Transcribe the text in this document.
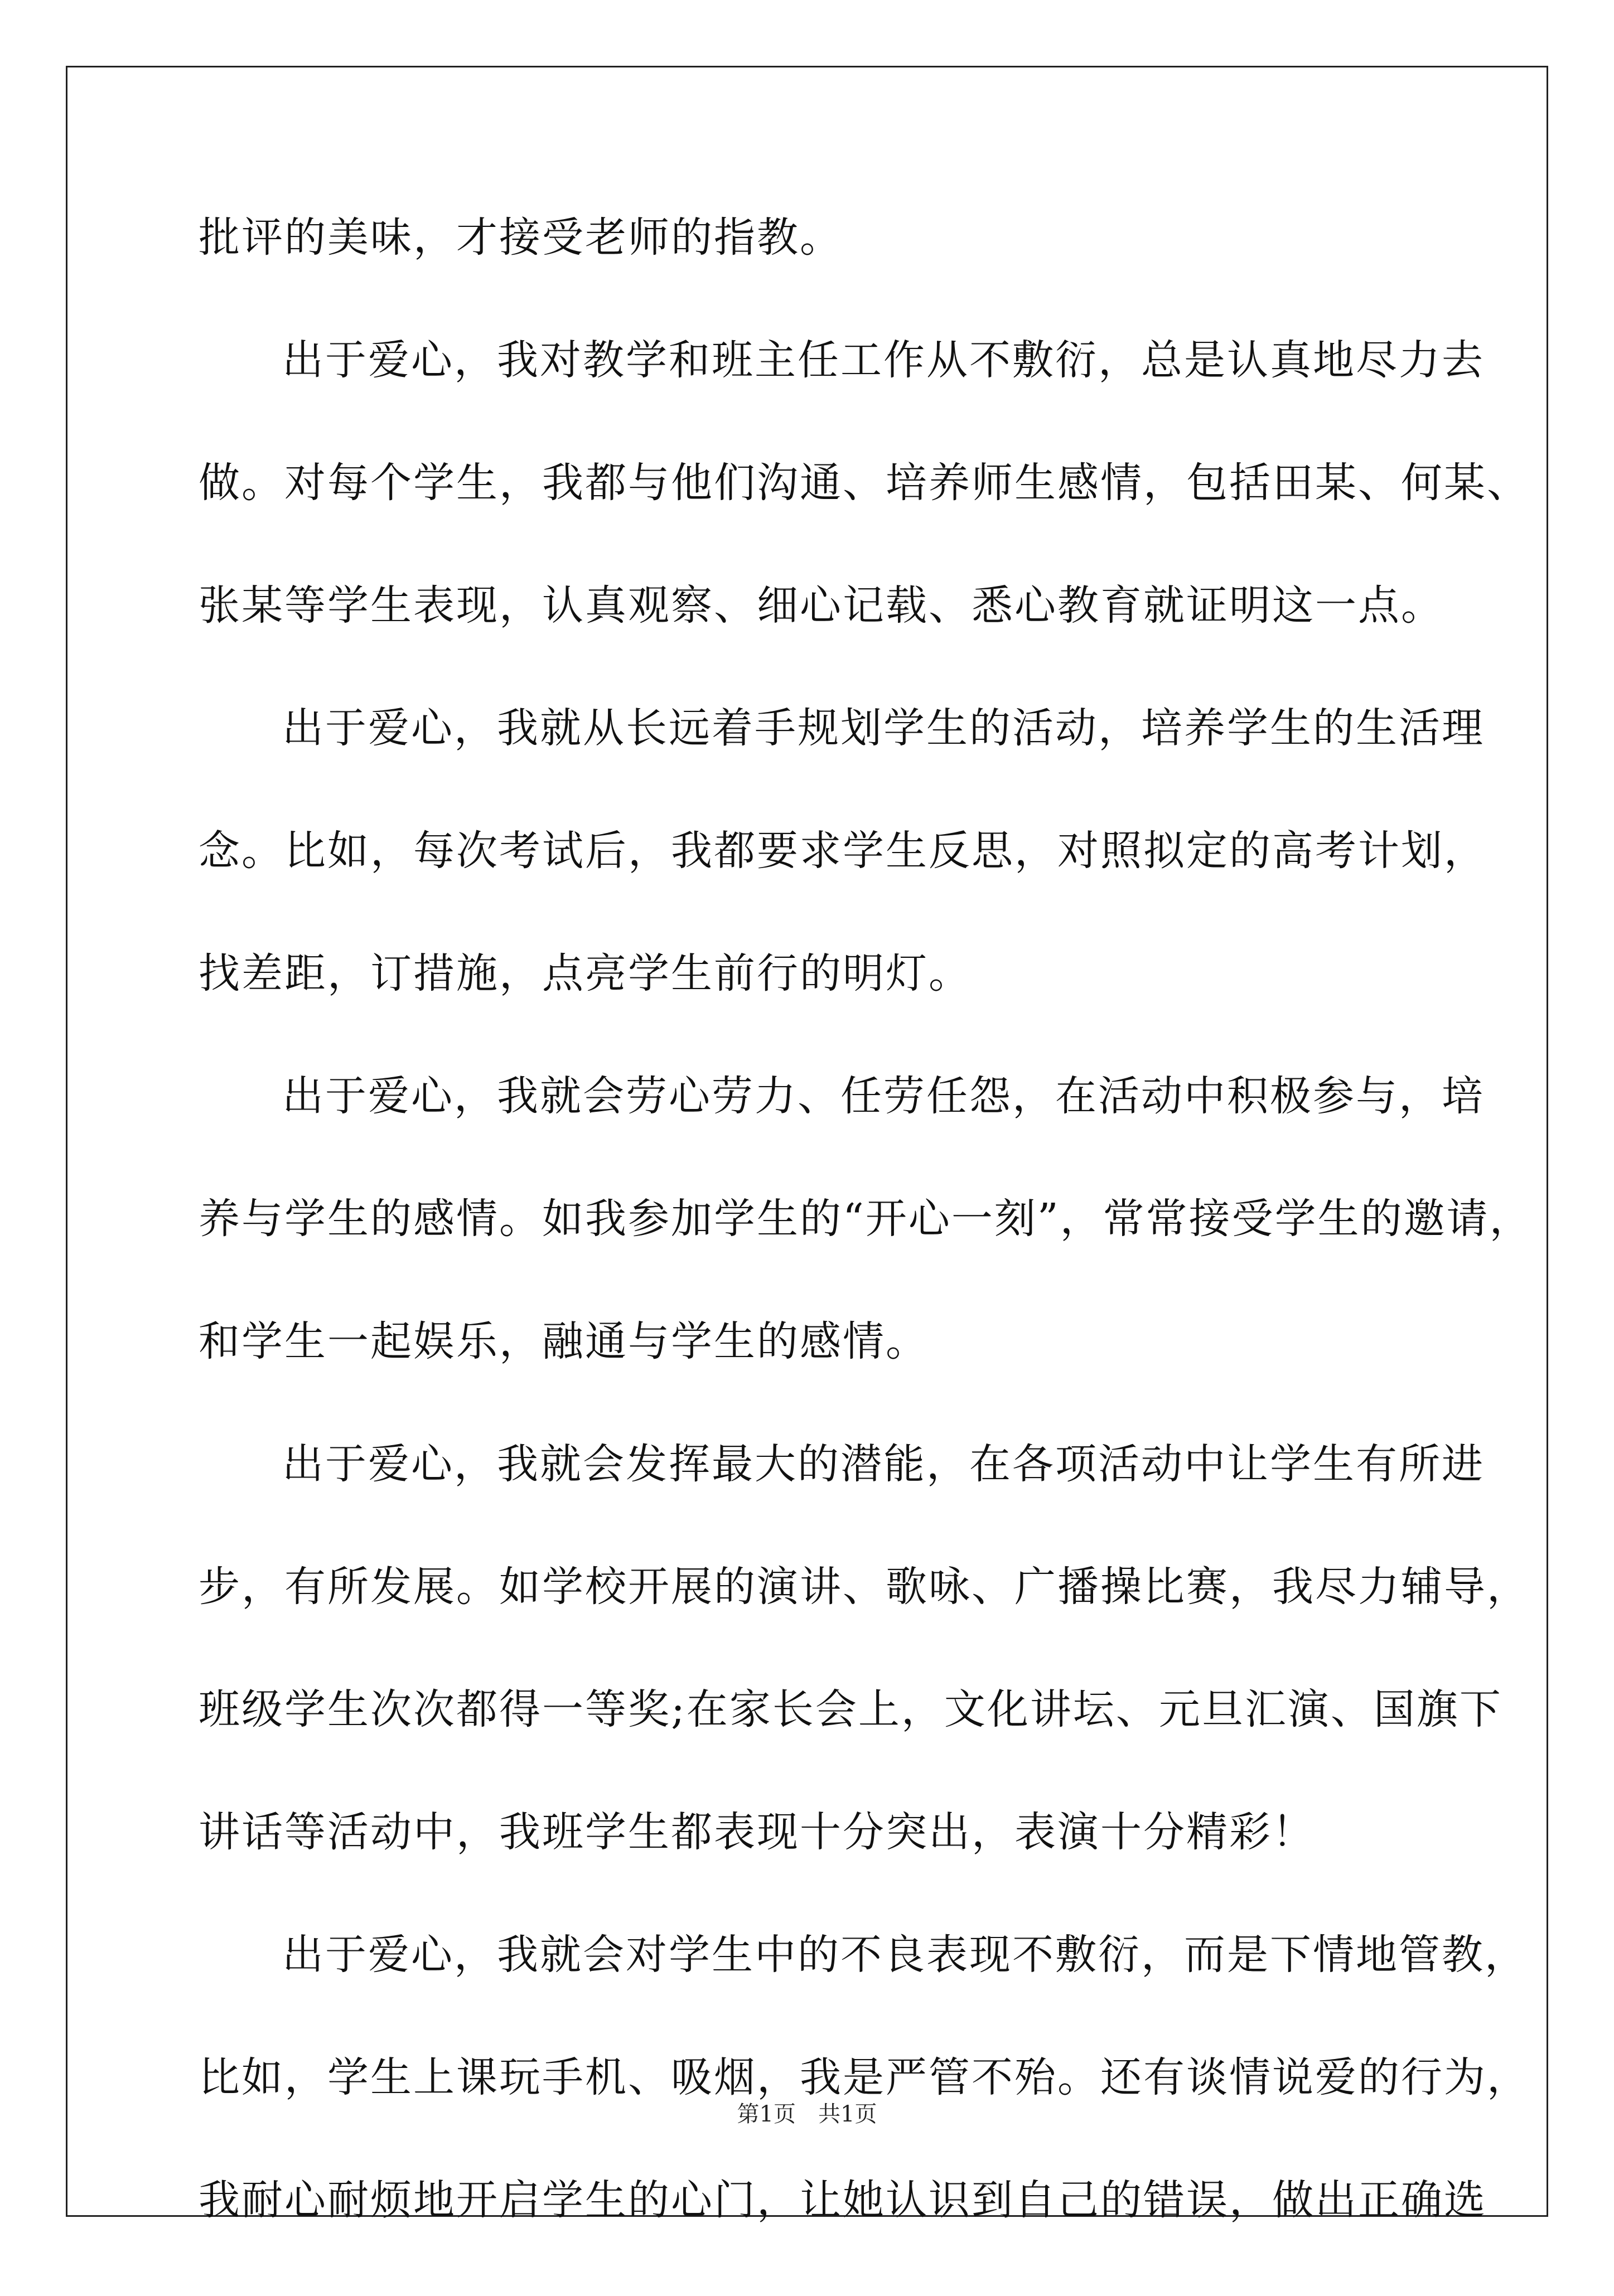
批评的美味，才接受老师的指教。
出于爱心，我对教学和班主任工作从不敷衍，总是认真地尽力去
做。对每个学生，我都与他们沟通、培养师生感情，包括田某、何某、
张某等学生表现，认真观察、细心记载、悉心教育就证明这一点。
出于爱心，我就从长远着手规划学生的活动，培养学生的生活理
念。比如，每次考试后，我都要求学生反思，对照拟定的高考计划，
找差距，订措施，点亮学生前行的明灯。
出于爱心，我就会劳心劳力、任劳任怨，在活动中积极参与，培
养与学生的感情。如我参加学生的“开心一刻”，常常接受学生的邀请，
和学生一起娱乐，融通与学生的感情。
出于爱心，我就会发挥最大的潜能，在各项活动中让学生有所进
步，有所发展。如学校开展的演讲、歌咏、广播操比赛，我尽力辅导，
班级学生次次都得一等奖;在家长会上，文化讲坛、元旦汇演、国旗下
讲话等活动中，我班学生都表现十分突出，表演十分精彩！
出于爱心，我就会对学生中的不良表现不敷衍，而是下情地管教，
比如，学生上课玩手机、吸烟，我是严管不殆。还有谈情说爱的行为，
我耐心耐烦地开启学生的心门，让她认识到自己的错误，做出正确选
第1页 共1页
